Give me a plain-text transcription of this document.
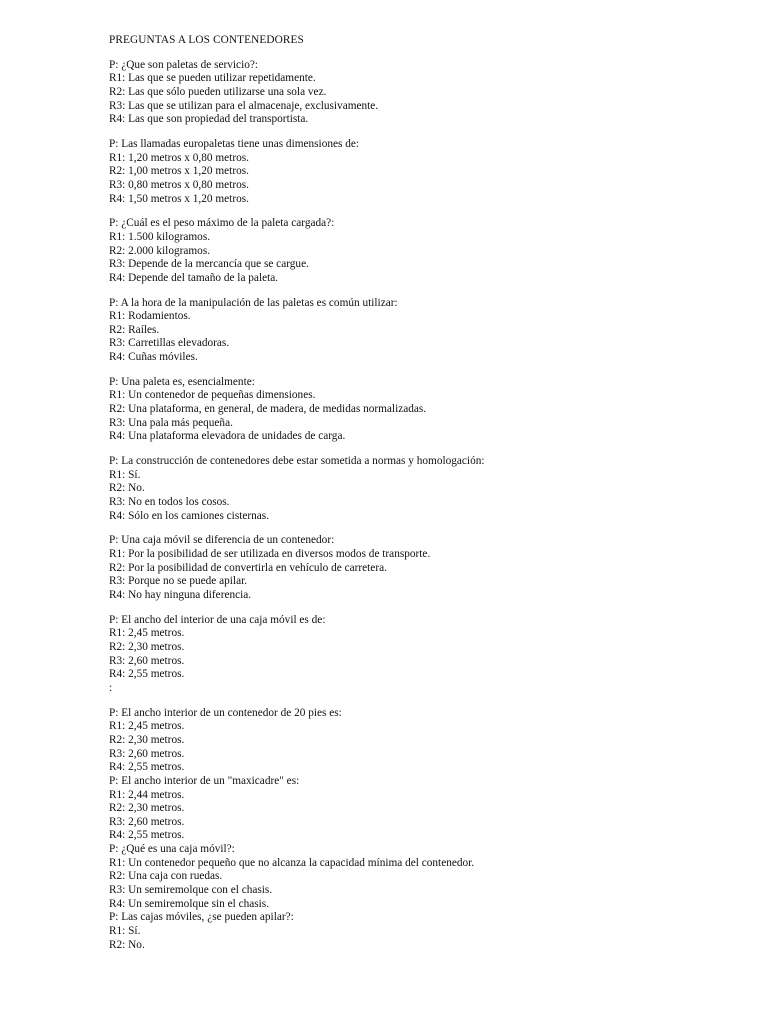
PREGUNTAS A LOS CONTENEDORES
P: ¿Que son paletas de servicio?:
R1: Las que se pueden utilizar repetidamente.
R2: Las que sólo pueden utilizarse una sola vez.
R3: Las que se utilizan para el almacenaje, exclusivamente.
R4: Las que son propiedad del transportista.
P: Las llamadas europaletas tiene unas dimensiones de:
R1: 1,20 metros x 0,80 metros.
R2: 1,00 metros x 1,20 metros.
R3: 0,80 metros x 0,80 metros.
R4: 1,50 metros x 1,20 metros.
P: ¿Cuál es el peso máximo de la paleta cargada?:
R1: 1.500 kilogramos.
R2: 2.000 kilogramos.
R3: Depende de la mercancía que se cargue.
R4: Depende del tamaño de la paleta.
P: A la hora de la manipulación de las paletas es común utilizar:
R1: Rodamientos.
R2: Raíles.
R3: Carretillas elevadoras.
R4: Cuñas móviles.
P: Una paleta es, esencialmente:
R1: Un contenedor de pequeñas dimensiones.
R2: Una plataforma, en general, de madera, de medidas normalizadas.
R3: Una pala más pequeña.
R4: Una plataforma elevadora de unidades de carga.
P: La construcción de contenedores debe estar sometida a normas y homologación:
R1: Sí.
R2: No.
R3: No en todos los cosos.
R4: Sólo en los camiones cisternas.
P: Una caja móvil se diferencia de un contenedor:
R1: Por la posibilidad de ser utilizada en diversos modos de transporte.
R2: Por la posibilidad de convertirla en vehículo de carretera.
R3: Porque no se puede apilar.
R4: No hay ninguna diferencia.
P: El ancho del interior de una caja móvil es de:
R1: 2,45 metros.
R2: 2,30 metros.
R3: 2,60 metros.
R4: 2,55 metros.
:
P: El ancho interior de un contenedor de 20 pies es:
R1: 2,45 metros.
R2: 2,30 metros.
R3: 2,60 metros.
R4: 2,55 metros.
P: El ancho interior de un "maxicadre" es:
R1: 2,44 metros.
R2: 2,30 metros.
R3: 2,60 metros.
R4: 2,55 metros.
P: ¿Qué es una caja móvil?:
R1: Un contenedor pequeño que no alcanza la capacidad mínima del contenedor.
R2: Una caja con ruedas.
R3: Un semiremolque con el chasis.
R4: Un semiremolque sin el chasis.
P: Las cajas móviles, ¿se pueden apilar?:
R1: Sí.
R2: No.
